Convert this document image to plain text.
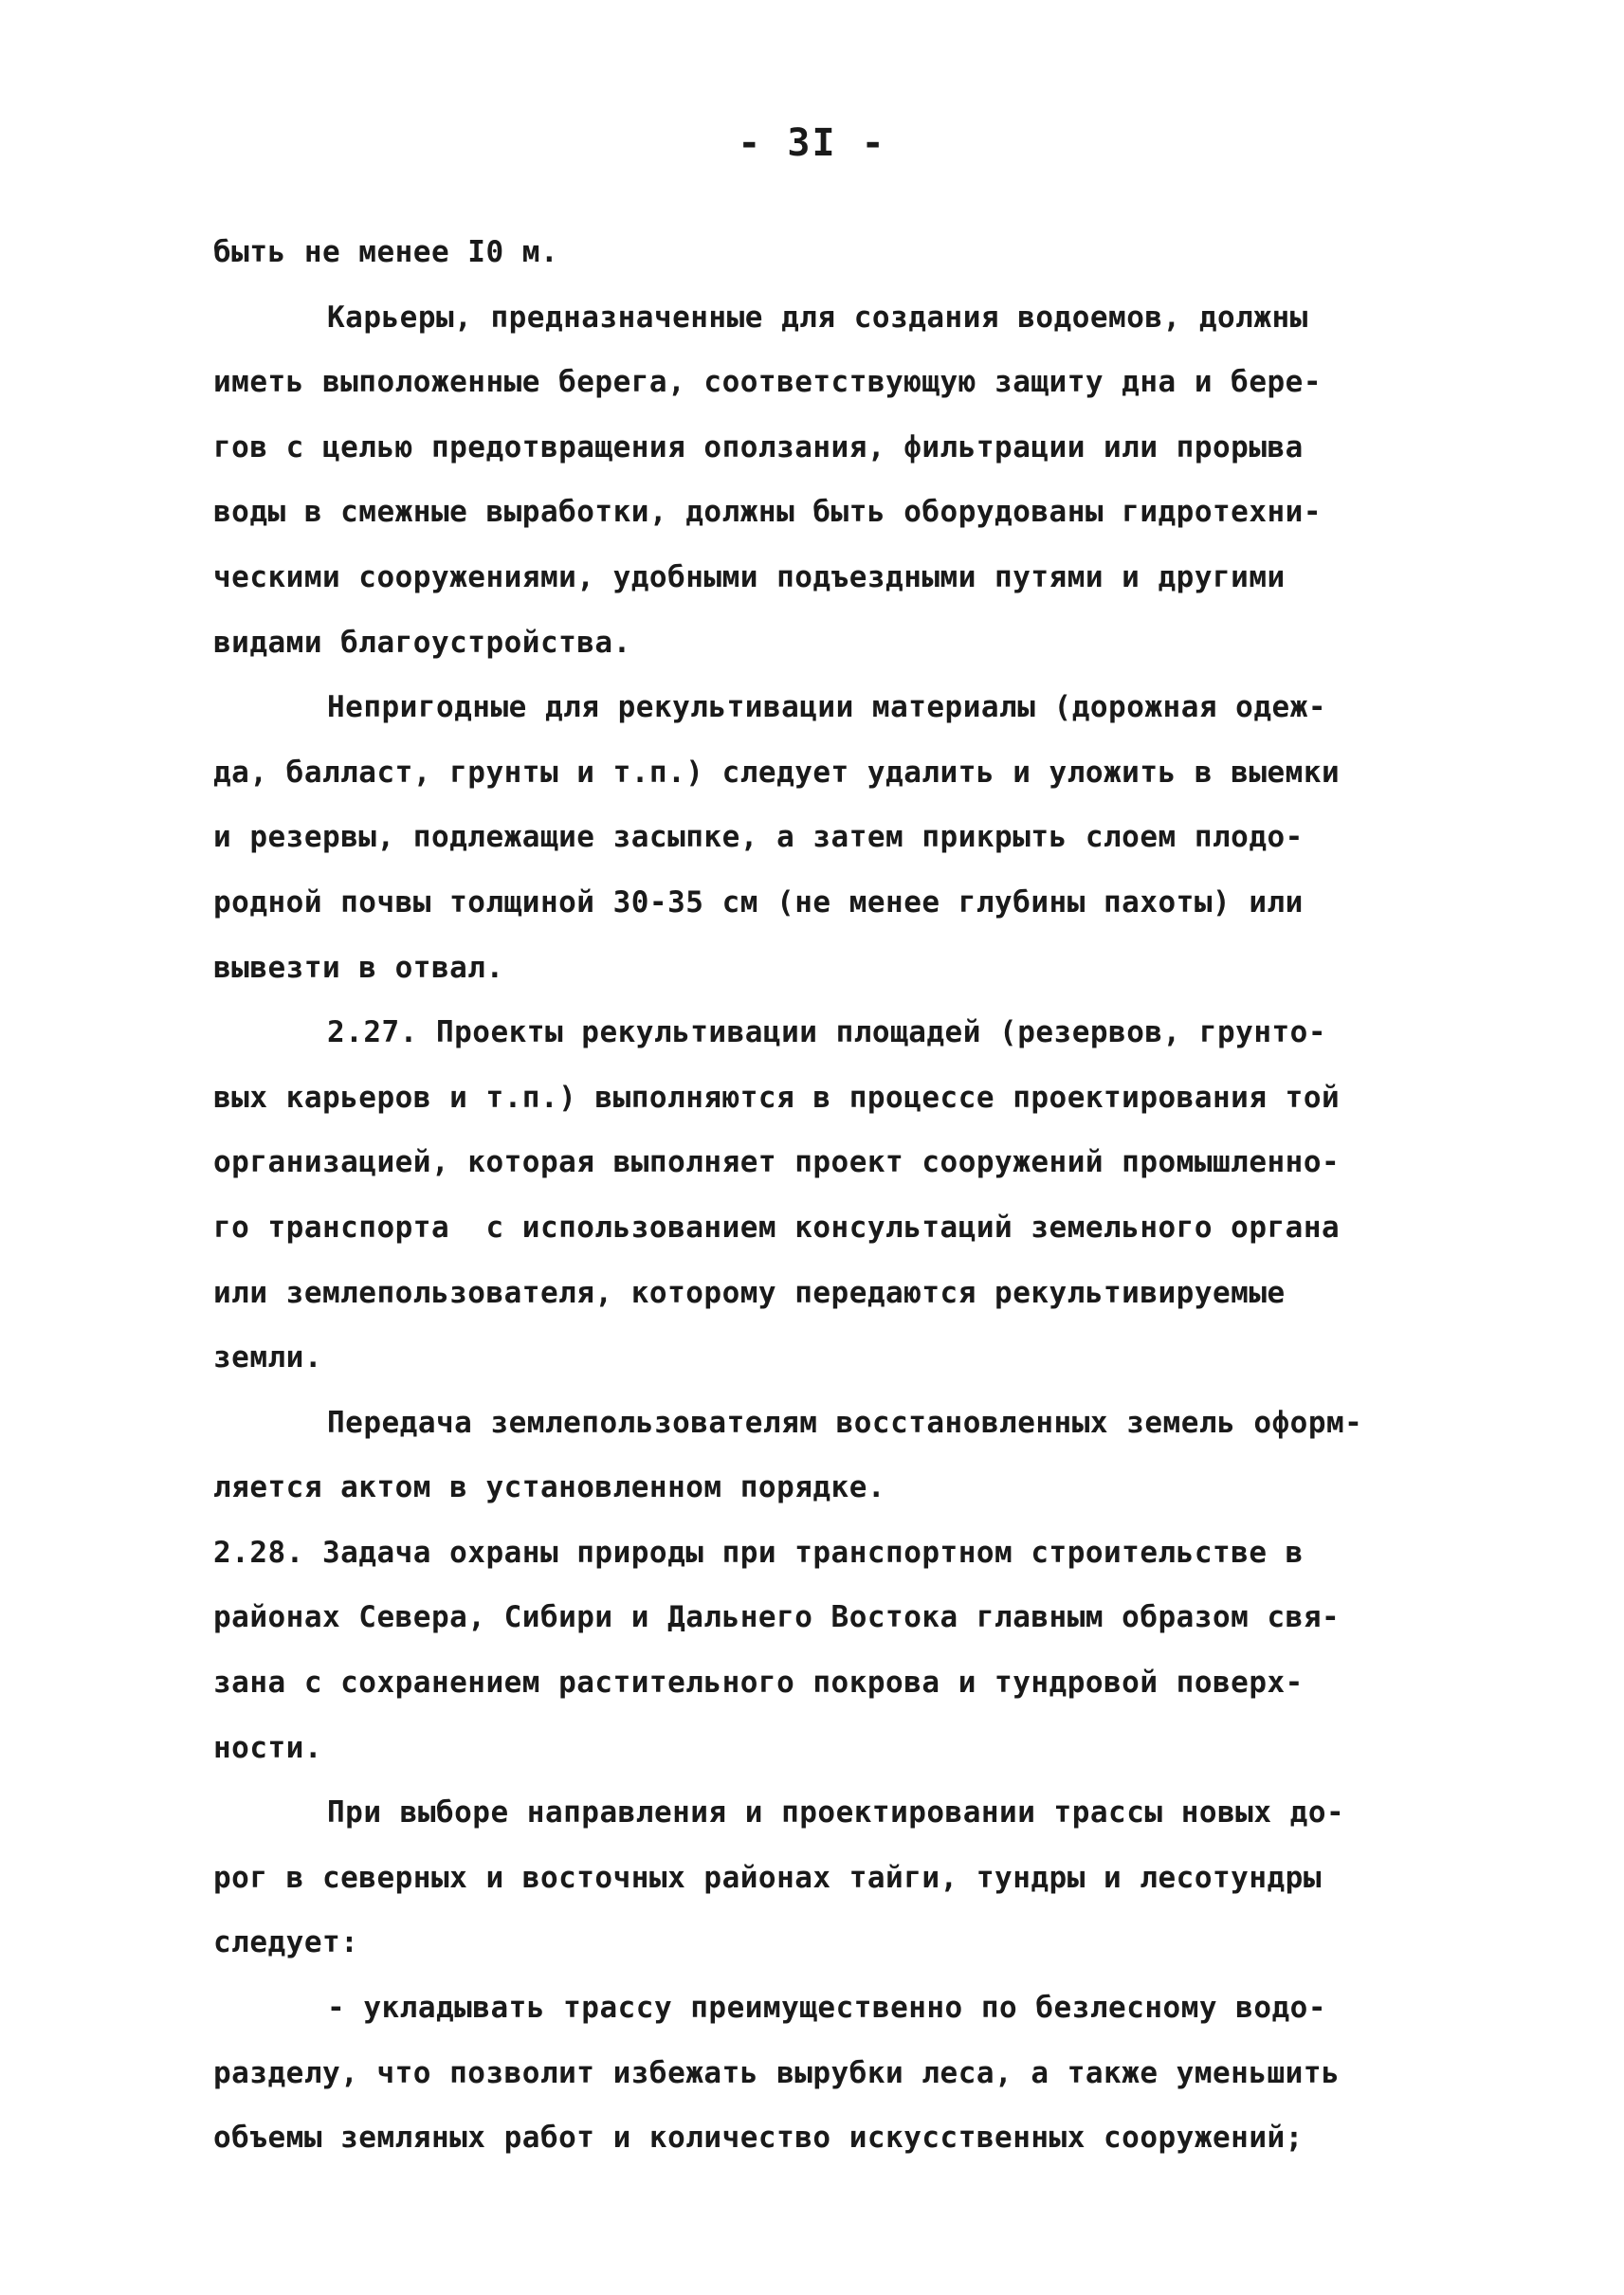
- 3I -
быть не менее I0 м.
Карьеры, предназначенные для создания водоемов, должны
иметь выположенные берега, соответствующую защиту дна и бере-
гов с целью предотвращения оползания, фильтрации или прорыва
воды в смежные выработки, должны быть оборудованы гидротехни-
ческими сооружениями, удобными подъездными путями и другими
видами благоустройства.
Непригодные для рекультивации материалы (дорожная одеж-
да, балласт, грунты и т.п.) следует удалить и уложить в выемки
и резервы, подлежащие засыпке, а затем прикрыть слоем плодо-
родной почвы толщиной 30-35 см (не менее глубины пахоты) или
вывезти в отвал.
2.27. Проекты рекультивации площадей (резервов, грунто-
вых карьеров и т.п.) выполняются в процессе проектирования той
организацией, которая выполняет проект сооружений промышленно-
го транспорта  с использованием консультаций земельного органа
или землепользователя, которому передаются рекультивируемые
земли.
Передача землепользователям восстановленных земель оформ-
ляется актом в установленном порядке.
2.28. Задача охраны природы при транспортном строительстве в
районах Севера, Сибири и Дальнего Востока главным образом свя-
зана с сохранением растительного покрова и тундровой поверх-
ности.
При выборе направления и проектировании трассы новых до-
рог в северных и восточных районах тайги, тундры и лесотундры
следует:
- укладывать трассу преимущественно по безлесному водо-
разделу, что позволит избежать вырубки леса, а также уменьшить
объемы земляных работ и количество искусственных сооружений;
